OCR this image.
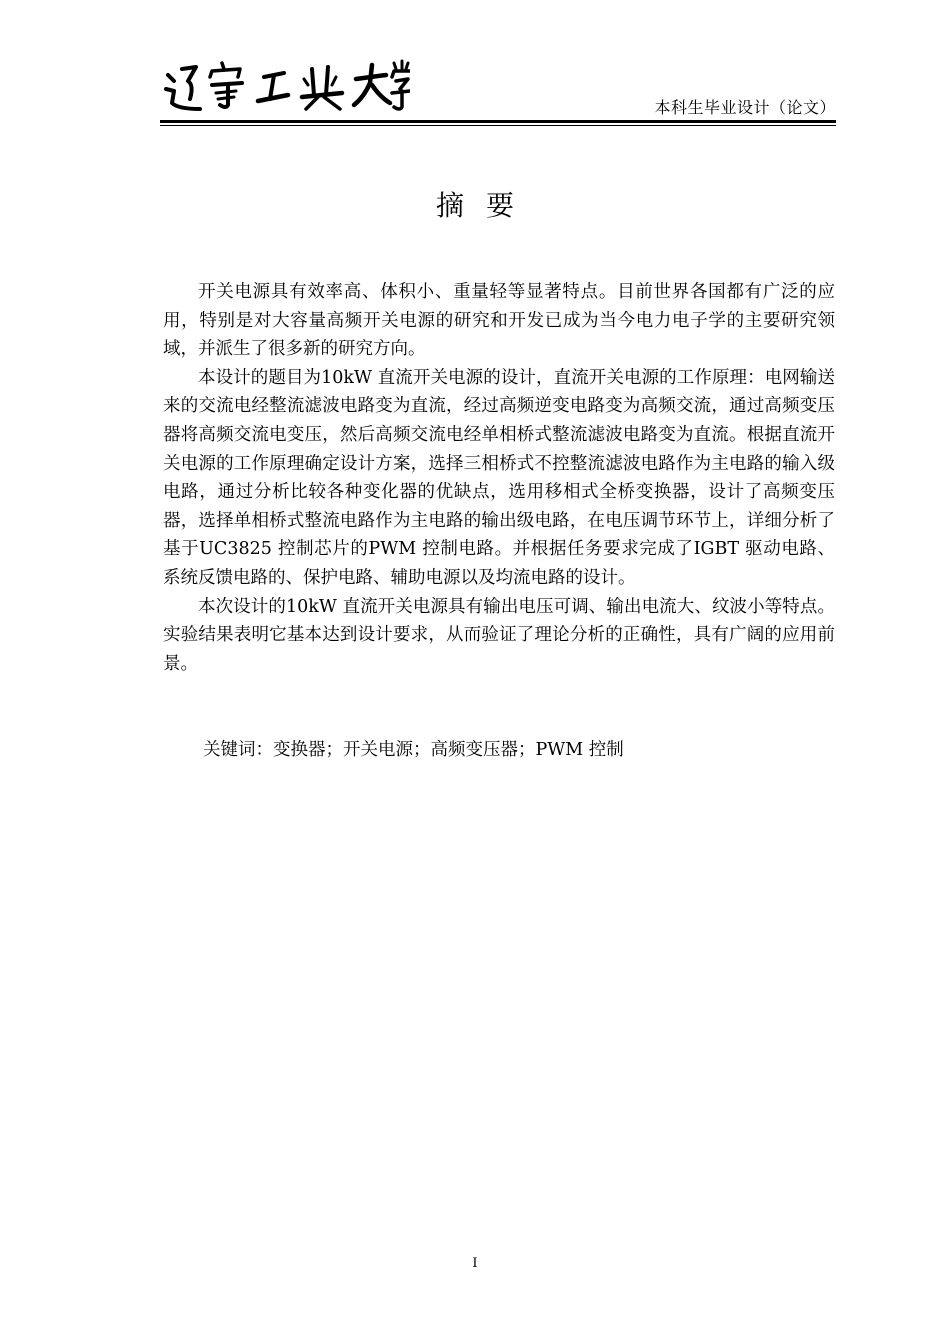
本科生毕业设计（论文）
摘要

开关电源具有效率高、体积小、重量轻等显著特点。目前世界各国都有广泛的应用，特别是对大容量高频开关电源的研究和开发已成为当今电力电子学的主要研究领域，并派生了很多新的研究方向。

本设计的题目为10kW 直流开关电源的设计，直流开关电源的工作原理：电网输送来的交流电经整流滤波电路变为直流，经过高频逆变电路变为高频交流，通过高频变压器将高频交流电变压，然后高频交流电经单相桥式整流滤波电路变为直流。根据直流开关电源的工作原理确定设计方案，选择三相桥式不控整流滤波电路作为主电路的输入级电路，通过分析比较各种变化器的优缺点，选用移相式全桥变换器，设计了高频变压器，选择单相桥式整流电路作为主电路的输出级电路，在电压调节环节上，详细分析了基于UC3825 控制芯片的PWM 控制电路。并根据任务要求完成了IGBT 驱动电路、系统反馈电路的、保护电路、辅助电源以及均流电路的设计。

本次设计的10kW 直流开关电源具有输出电压可调、输出电流大、纹波小等特点。实验结果表明它基本达到设计要求，从而验证了理论分析的正确性，具有广阔的应用前景。

关键词：变换器；开关电源；高频变压器；PWM 控制
I
